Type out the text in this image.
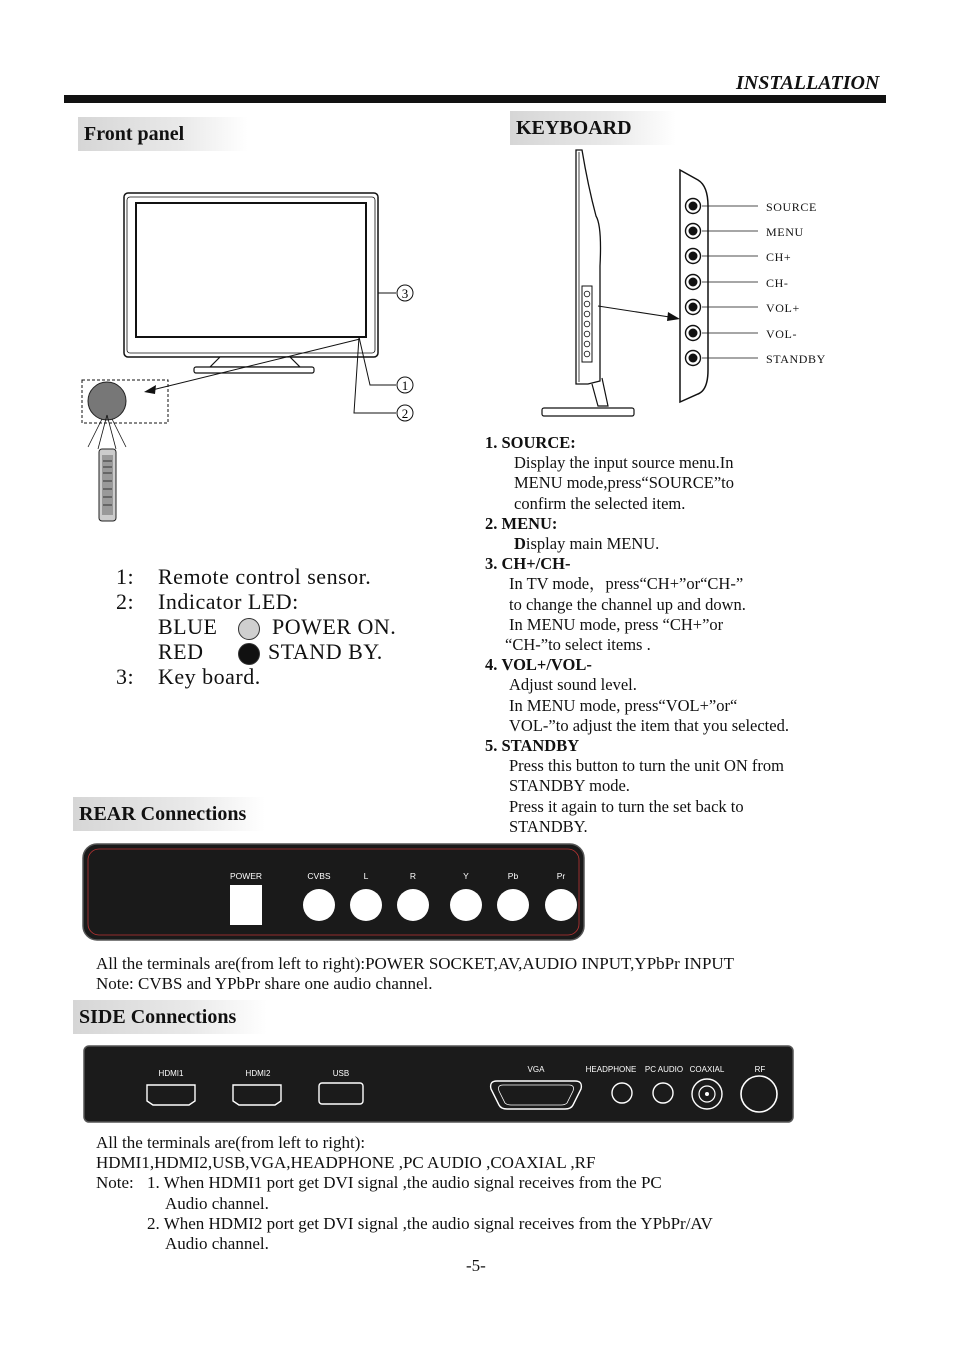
INSTALLATION
Front panel
3
1
2
1: Remote control sensor.
2: Indicator LED:
BLUE POWER ON.
RED	STAND BY.
3: Key board.
KEYBOARD
SOURCE
MENU
CH+
CH-
VOL+
VOL-
STANDBY
1. SOURCE:
Display the input source menu.In
MENU mode,press“SOURCE”to
confirm the selected item.
2. MENU:
Display main MENU.
3. CH+/CH-
In TV mode，press“CH+”or“CH-”
to change the channel up and down.
In MENU mode, press “CH+”or
“CH-”to select items .
4. VOL+/VOL-
Adjust sound level.
In MENU mode, press“VOL+”or“
VOL-”to adjust the item that you selected.
5. STANDBY
Press this button to turn the unit ON from
STANDBY mode.
Press it again to turn the set back to
STANDBY.
REAR Connections
POWER	CVBS	L	R	Y	Pb	Pr
All the terminals are(from left to right):POWER SOCKET,AV,AUDIO INPUT,YPbPr INPUT
Note: CVBS and YPbPr share one audio channel.
SIDE Connections
HDMI1	HDMI2	USB	VGA	HEADPHONE PC AUDIO COAXIAL	RF
All the terminals are(from left to right):
HDMI1,HDMI2,USB,VGA,HEADPHONE ,PC AUDIO ,COAXIAL ,RF
Note: 1. When HDMI1 port get DVI signal ,the audio signal receives from the PC
Audio channel.
2. When HDMI2 port get DVI signal ,the audio signal receives from the YPbPr/AV
Audio channel.
-5-
